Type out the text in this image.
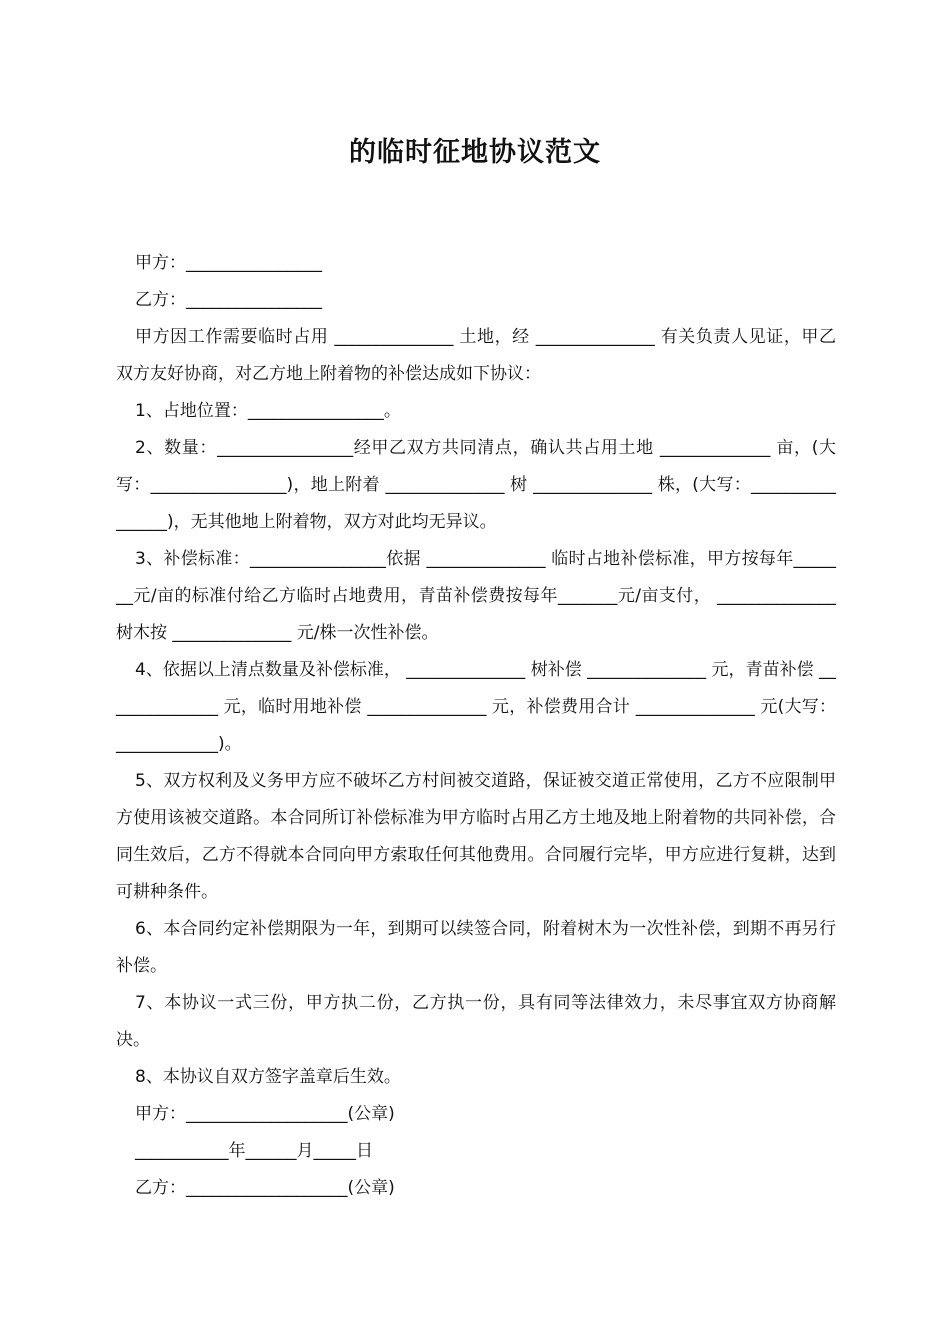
的临时征地协议范文

甲方：________________

乙方：________________

甲方因工作需要临时占用 ______________ 土地，经 ______________ 有关负责人见证，甲乙双方友好协商，对乙方地上附着物的补偿达成如下协议：

1、占地位置：________________。

2、数量：________________经甲乙双方共同清点，确认共占用土地 _____________ 亩，(大写：________________)，地上附着 ______________ 树 ______________ 株，(大写：________________)，无其他地上附着物，双方对此均无异议。

3、补偿标准：________________依据 ______________ 临时占地补偿标准，甲方按每年_______元/亩的标准付给乙方临时占地费用，青苗补偿费按每年_______元/亩支付， ______________ 树木按 ______________ 元/株一次性补偿。

4、依据以上清点数量及补偿标准， ______________ 树补偿 ______________ 元，青苗补偿 ______________ 元，临时用地补偿 ______________ 元，补偿费用合计 ______________ 元(大写：____________)。

5、双方权利及义务甲方应不破坏乙方村间被交道路，保证被交道正常使用，乙方不应限制甲方使用该被交道路。本合同所订补偿标准为甲方临时占用乙方土地及地上附着物的共同补偿，合同生效后，乙方不得就本合同向甲方索取任何其他费用。合同履行完毕，甲方应进行复耕，达到可耕种条件。

6、本合同约定补偿期限为一年，到期可以续签合同，附着树木为一次性补偿，到期不再另行补偿。

7、本协议一式三份，甲方执二份，乙方执一份，具有同等法律效力，未尽事宜双方协商解决。

8、本协议自双方签字盖章后生效。

甲方：___________________(公章)

___________年______月_____日

乙方：___________________(公章)
